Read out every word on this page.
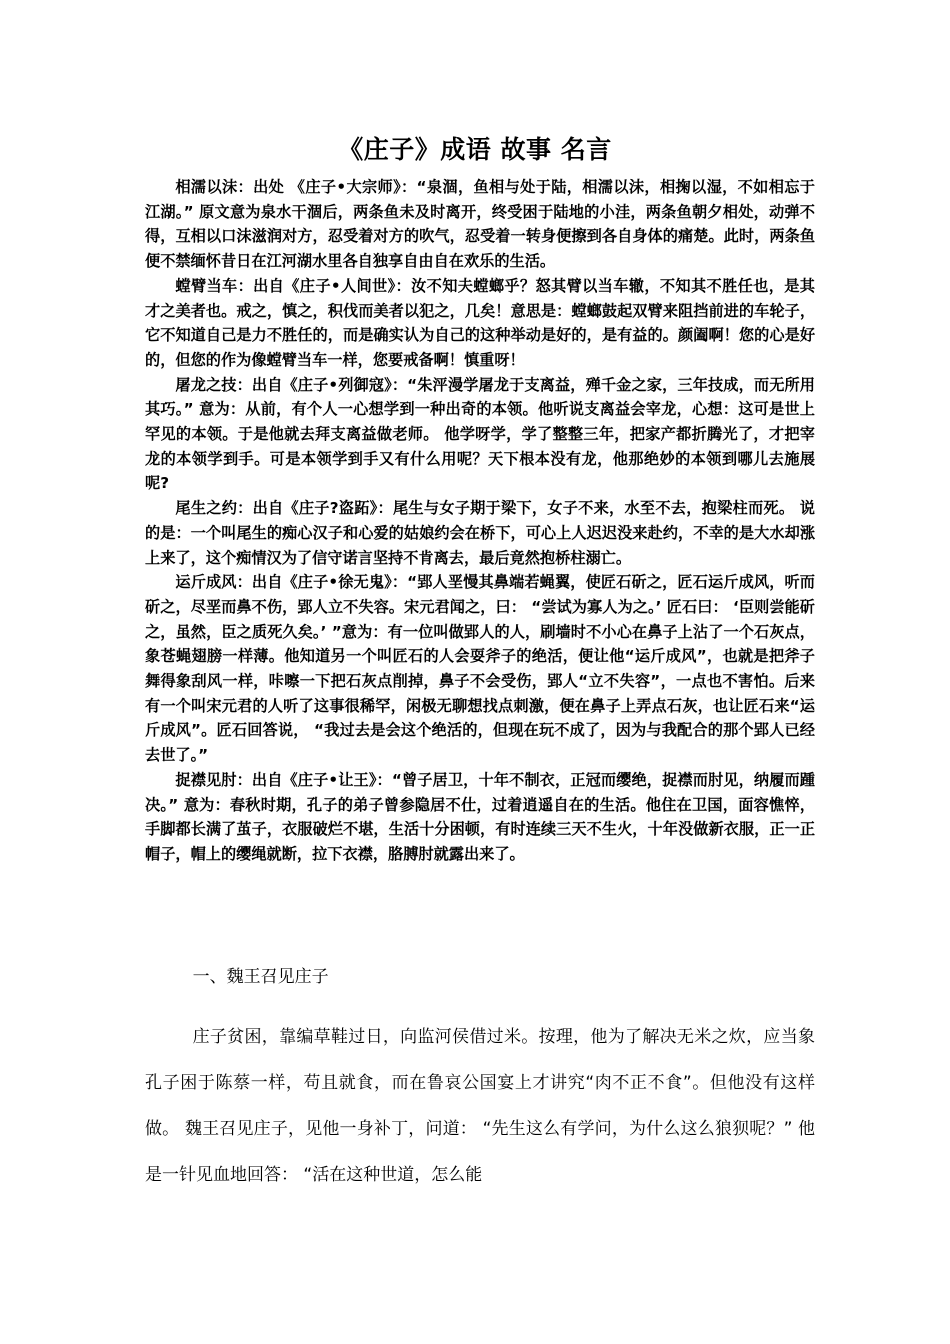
《庄子》成语 故事 名言

相濡以沫：出处 《庄子•大宗师》：“泉涸，鱼相与处于陆，相濡以沫，相掬以湿，不如相忘于江湖。” 原文意为泉水干涸后，两条鱼未及时离开，终受困于陆地的小洼，两条鱼朝夕相处，动弹不得，互相以口沫滋润对方，忍受着对方的吹气，忍受着一转身便擦到各自身体的痛楚。此时，两条鱼便不禁缅怀昔日在江河湖水里各自独享自由自在欢乐的生活。

螳臂当车：出自《庄子•人间世》：汝不知夫螳螂乎？怒其臂以当车辙，不知其不胜任也，是其才之美者也。戒之，慎之，积伐而美者以犯之，几矣！意思是：螳螂鼓起双臂来阻挡前进的车轮子，它不知道自己是力不胜任的，而是确实认为自己的这种举动是好的，是有益的。颜阖啊！您的心是好的，但您的作为像螳臂当车一样，您要戒备啊！慎重呀！

屠龙之技：出自《庄子•列御寇》：“朱泙漫学屠龙于支离益，殚千金之家，三年技成，而无所用其巧。” 意为：从前，有个人一心想学到一种出奇的本领。他听说支离益会宰龙，心想：这可是世上罕见的本领。于是他就去拜支离益做老师。 他学呀学，学了整整三年，把家产都折腾光了，才把宰龙的本领学到手。可是本领学到手又有什么用呢？天下根本没有龙，他那绝妙的本领到哪儿去施展呢?

尾生之约：出自《庄子?盗跖》：尾生与女子期于梁下，女子不来，水至不去，抱梁柱而死。 说的是：一个叫尾生的痴心汉子和心爱的姑娘约会在桥下，可心上人迟迟没来赴约，不幸的是大水却涨上来了，这个痴情汉为了信守诺言坚持不肯离去，最后竟然抱桥柱溺亡。

运斤成风：出自《庄子•徐无鬼》：“郢人垩慢其鼻端若蝇翼，使匠石斫之，匠石运斤成风，听而斫之，尽垩而鼻不伤，郢人立不失容。宋元君闻之，曰： “尝试为寡人为之。’ 匠石曰： ‘臣则尝能斫之，虽然，臣之质死久矣。’ ”意为：有一位叫做郢人的人，刷墙时不小心在鼻子上沾了一个石灰点，象苍蝇翅膀一样薄。他知道另一个叫匠石的人会耍斧子的绝活，便让他“运斤成风”，也就是把斧子舞得象刮风一样，咔嚓一下把石灰点削掉，鼻子不会受伤，郢人“立不失容”，一点也不害怕。后来有一个叫宋元君的人听了这事很稀罕，闲极无聊想找点刺激，便在鼻子上弄点石灰，也让匠石来“运斤成风”。匠石回答说， “我过去是会这个绝活的，但现在玩不成了，因为与我配合的那个郢人已经去世了。”

捉襟见肘：出自《庄子•让王》：“曾子居卫，十年不制衣，正冠而缨绝，捉襟而肘见，纳履而踵决。” 意为：春秋时期，孔子的弟子曾参隐居不仕，过着逍遥自在的生活。他住在卫国，面容憔悴，手脚都长满了茧子，衣服破烂不堪，生活十分困顿，有时连续三天不生火，十年没做新衣服，正一正帽子，帽上的缨绳就断，拉下衣襟，胳膊肘就露出来了。

一、魏王召见庄子

庄子贫困，靠编草鞋过日，向监河侯借过米。按理，他为了解决无米之炊，应当象孔子困于陈蔡一样，苟且就食，而在鲁哀公国宴上才讲究“肉不正不食”。但他没有这样做。 魏王召见庄子，见他一身补丁，问道： “先生这么有学问，为什么这么狼狈呢？” 他是一针见血地回答： “活在这种世道，怎么能
